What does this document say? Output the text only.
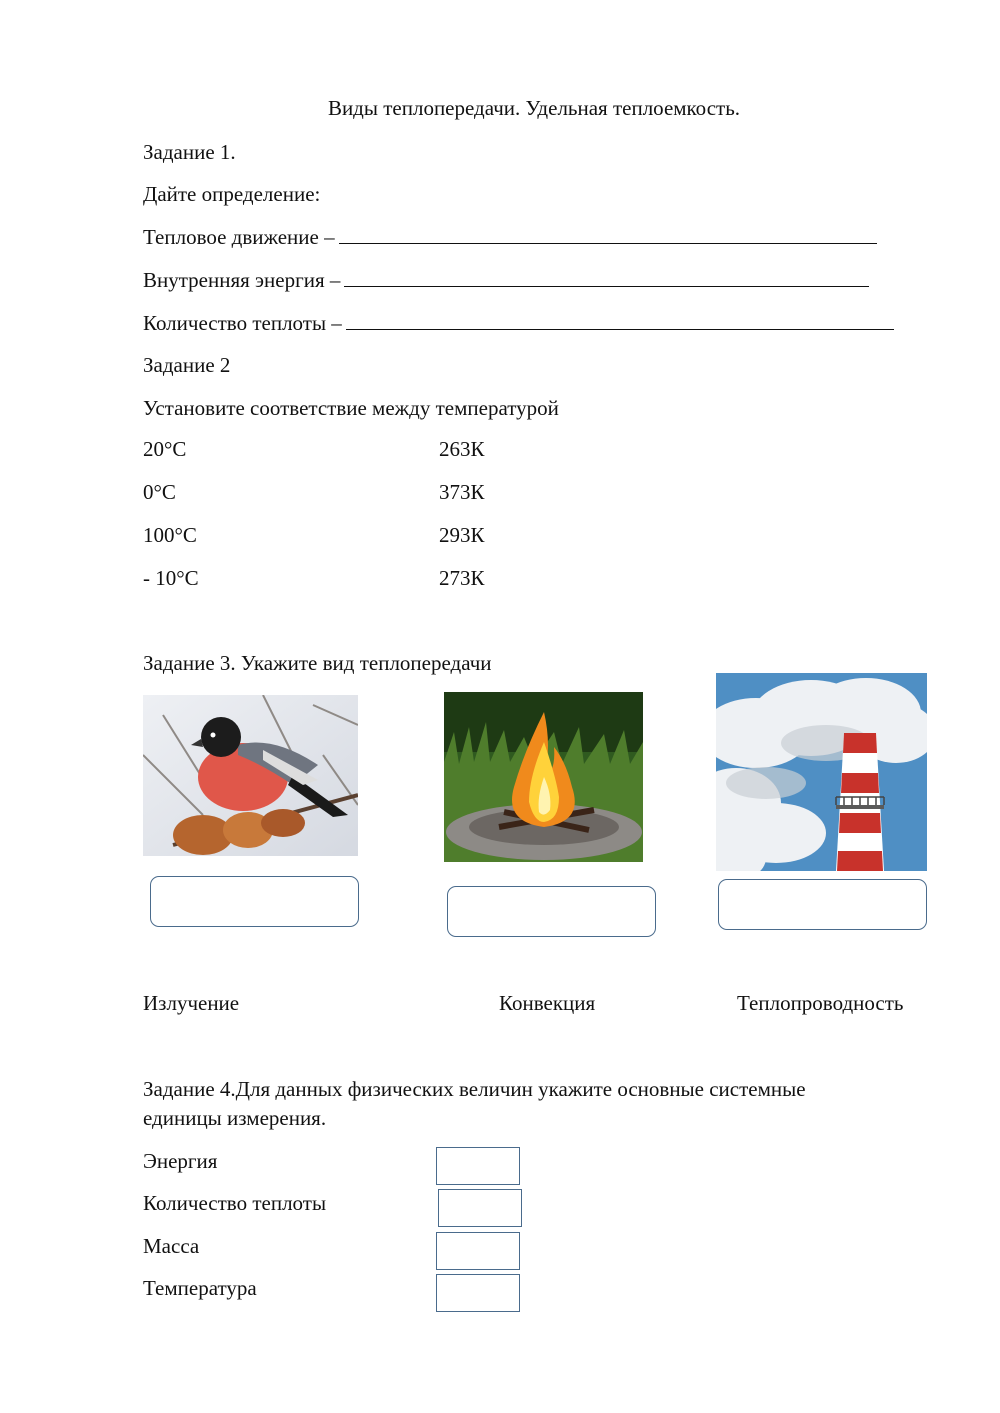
Виды теплопередачи. Удельная теплоемкость.
Задание 1.
Дайте определение:
Тепловое движение –
Внутренняя энергия –
Количество теплоты –
Задание 2
Установите соответствие между температурой
20°С
0°С
100°С
- 10°С
263К
373К
293К
273К
Задание 3. Укажите вид теплопередачи
Излучение	Конвекция	Теплопроводность
Задание 4.Для данных физических величин укажите основные системные
единицы измерения.
Энергия
Количество теплоты
Масса
Температура
